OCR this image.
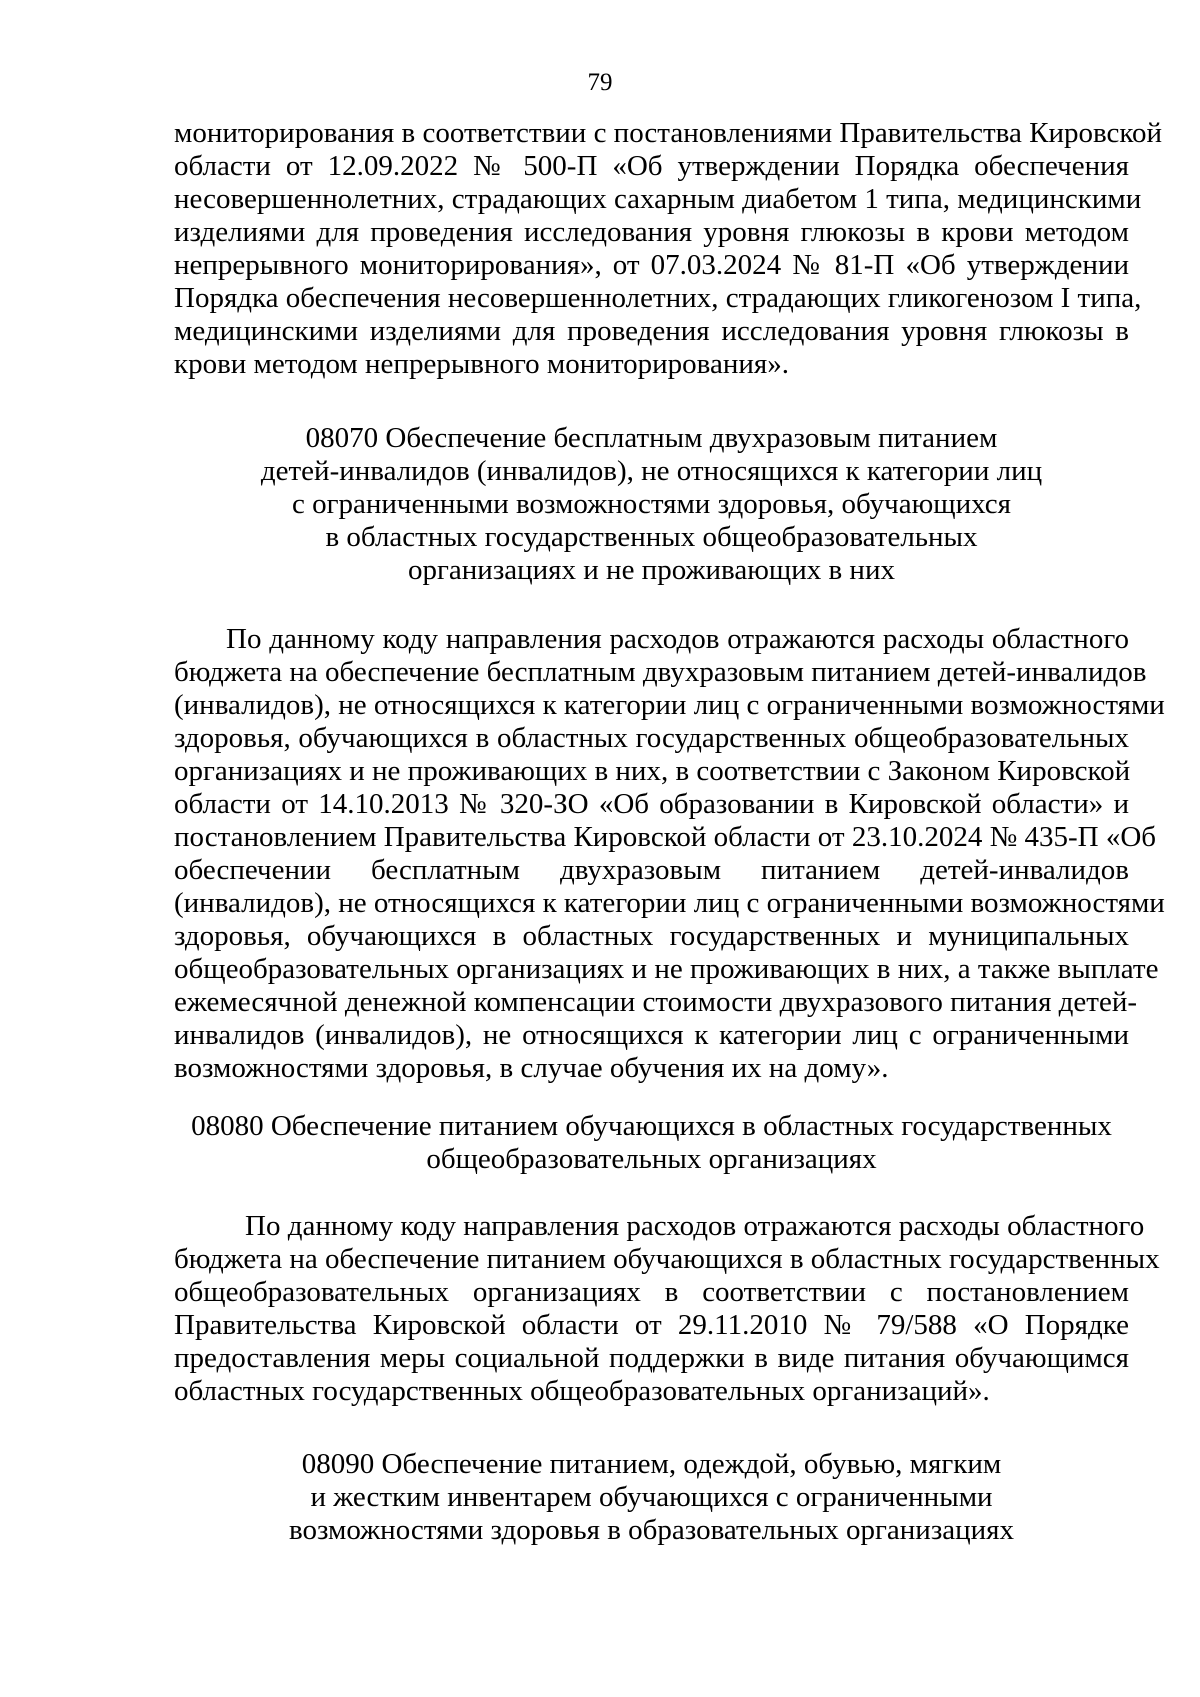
79
мониторирования в соответствии с постановлениями Правительства Кировской
области от 12.09.2022 № 500-П «Об утверждении Порядка обеспечения
несовершеннолетних, страдающих сахарным диабетом 1 типа, медицинскими
изделиями для проведения исследования уровня глюкозы в крови методом
непрерывного мониторирования», от 07.03.2024 № 81-П «Об утверждении
Порядка обеспечения несовершеннолетних, страдающих гликогенозом I типа,
медицинскими изделиями для проведения исследования уровня глюкозы в
крови методом непрерывного мониторирования».
08070 Обеспечение бесплатным двухразовым питанием
детей-инвалидов (инвалидов), не относящихся к категории лиц
с ограниченными возможностями здоровья, обучающихся
в областных государственных общеобразовательных
организациях и не проживающих в них
По данному коду направления расходов отражаются расходы областного
бюджета на обеспечение бесплатным двухразовым питанием детей-инвалидов
(инвалидов), не относящихся к категории лиц с ограниченными возможностями
здоровья, обучающихся в областных государственных общеобразовательных
организациях и не проживающих в них, в соответствии с Законом Кировской
области от 14.10.2013 № 320-ЗО «Об образовании в Кировской области» и
постановлением Правительства Кировской области от 23.10.2024 № 435-П «Об
обеспечении бесплатным двухразовым питанием детей-инвалидов
(инвалидов), не относящихся к категории лиц с ограниченными возможностями
здоровья, обучающихся в областных государственных и муниципальных
общеобразовательных организациях и не проживающих в них, а также выплате
ежемесячной денежной компенсации стоимости двухразового питания детей-
инвалидов (инвалидов), не относящихся к категории лиц с ограниченными
возможностями здоровья, в случае обучения их на дому».
08080 Обеспечение питанием обучающихся в областных государственных
общеобразовательных организациях
По данному коду направления расходов отражаются расходы областного
бюджета на обеспечение питанием обучающихся в областных государственных
общеобразовательных организациях в соответствии с постановлением
Правительства Кировской области от 29.11.2010 № 79/588 «О Порядке
предоставления меры социальной поддержки в виде питания обучающимся
областных государственных общеобразовательных организаций».
08090 Обеспечение питанием, одеждой, обувью, мягким
и жестким инвентарем обучающихся с ограниченными
возможностями здоровья в образовательных организациях
